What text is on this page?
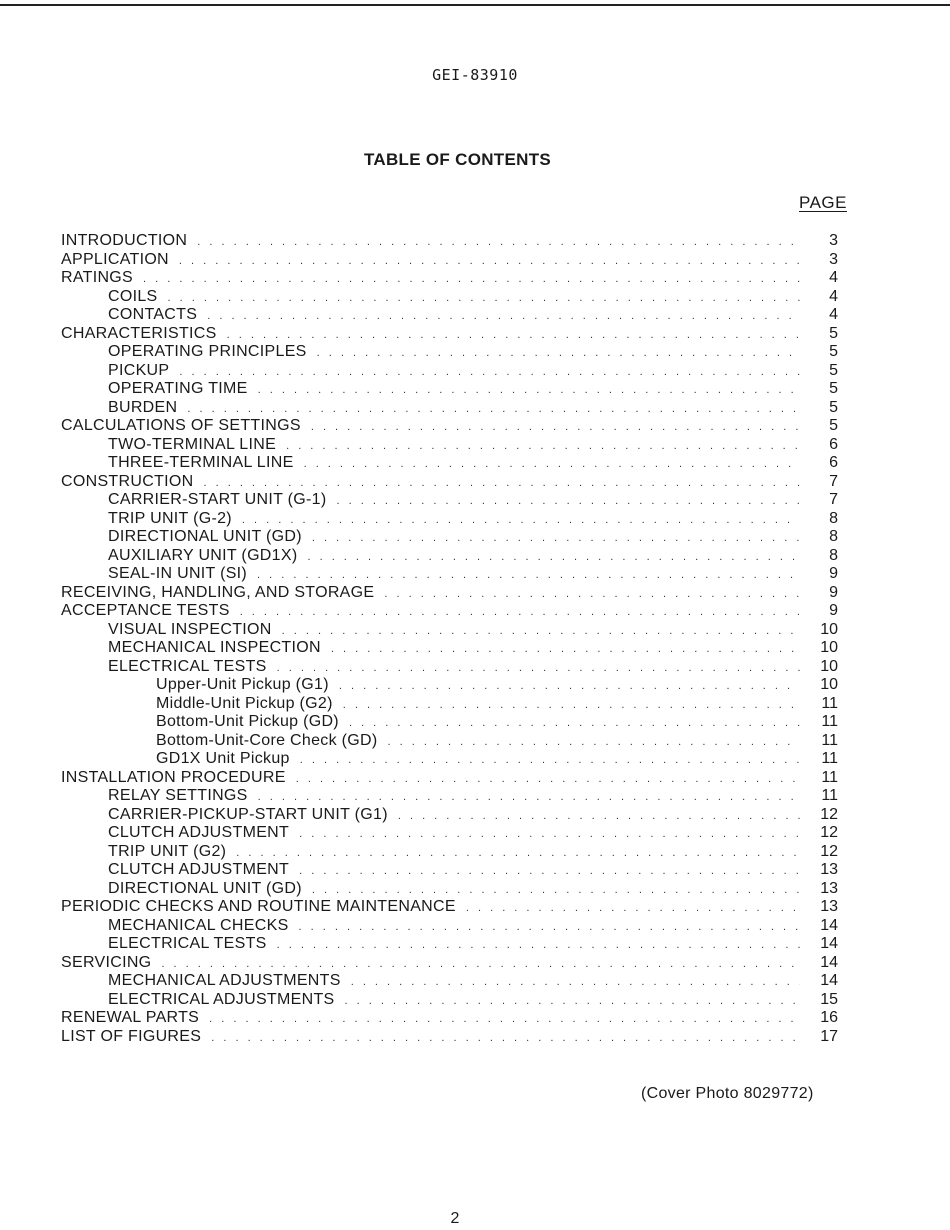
GEI-83910
TABLE OF CONTENTS
PAGE
INTRODUCTION . . .	3
APPLICATION . . .	3
RATINGS . . .	4
COILS . . .	4
CONTACTS . . .	4
CHARACTERISTICS . . .	5
OPERATING PRINCIPLES . . .	5
PICKUP . . .	5
OPERATING TIME . . .	5
BURDEN . . .	5
CALCULATIONS OF SETTINGS . . .	5
TWO-TERMINAL LINE . . .	6
THREE-TERMINAL LINE . . .	6
CONSTRUCTION . . .	7
CARRIER-START UNIT (G-1) . . .	7
TRIP UNIT (G-2) . . .	8
DIRECTIONAL UNIT (GD) . . .	8
AUXILIARY UNIT (GD1X) . . .	8
SEAL-IN UNIT (SI) . . .	9
RECEIVING, HANDLING, AND STORAGE . . .	9
ACCEPTANCE TESTS . . .	9
VISUAL INSPECTION . . .	10
MECHANICAL INSPECTION . . .	10
ELECTRICAL TESTS . . .	10
Upper-Unit Pickup (G1) . . .	10
Middle-Unit Pickup (G2) . . .	11
Bottom-Unit Pickup (GD) . . .	11
Bottom-Unit-Core Check (GD) . . .	11
GD1X Unit Pickup . . .	11
INSTALLATION PROCEDURE . . .	11
RELAY SETTINGS . . .	11
CARRIER-PICKUP-START UNIT (G1) . . .	12
CLUTCH ADJUSTMENT . . .	12
TRIP UNIT (G2) . . .	12
CLUTCH ADJUSTMENT . . .	13
DIRECTIONAL UNIT (GD) . . .	13
PERIODIC CHECKS AND ROUTINE MAINTENANCE . . .	13
MECHANICAL CHECKS . . .	14
ELECTRICAL TESTS . . .	14
SERVICING . . .	14
MECHANICAL ADJUSTMENTS . . .	14
ELECTRICAL ADJUSTMENTS . . .	15
RENEWAL PARTS . . .	16
LIST OF FIGURES . . .	17
(Cover Photo 8029772)
2
